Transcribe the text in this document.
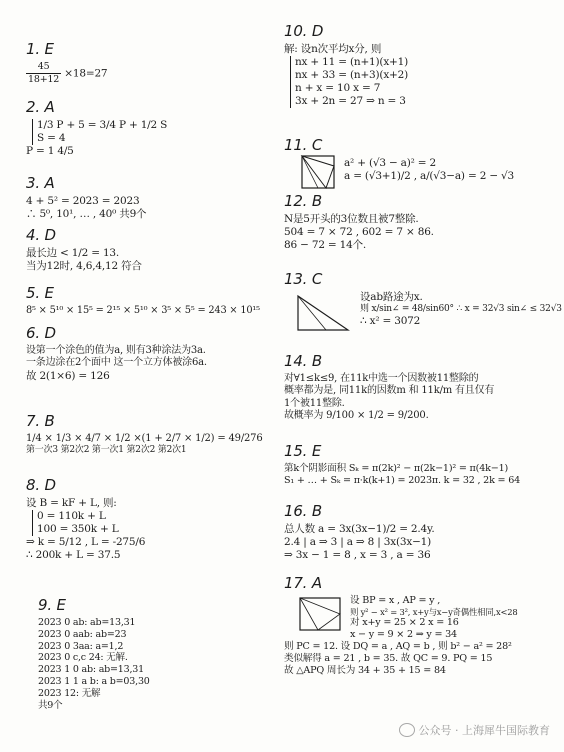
1. E
$\frac{45}{18+12} \times 18=27$
2. A
1/3 P + 5 = 3/4 P + 1/2 S
S = 4
P = 1 4/5
3. A
4 + 5² = 2023 = 2023
∴ 5⁰, 10¹, … , 40⁰ 共9个
4. D
最长边 < 1/2 = 13.
当为12时, 4,6,4,12 符合
5. E
8⁵ × 5¹⁰ × 15⁵ = 2¹⁵ × 5¹⁰ × 3⁵ × 5⁵ = 243 × 10¹⁵
6. D
设第一个涂色的值为a, 则有3种涂法为3a.
一条边涂在2个面中 这一个立方体被涂6a.
故 2(1×6) = 126
7. B
1/4 × 1/3 × 4/7 × 1/2 ×(1 + 2/7 × 1/2) = 49/276
第一次3 第2次2 第一次1 第2次2 第2次1
8. D
设 B = kF + L, 则:
0 = 110k + L
100 = 350k + L
⇒ k = 5/12 , L = -275/6
∴ 200k + L = 37.5
9. E
2023 0 ab: ab=13,31
2023 0 aab: ab=23
2023 0 3aa: a=1,2
2023 0 c,c 24: 无解.
2023 1 0 ab: ab=13,31
2023 1 1 a b: a b=03,30
2023 12: 无解
共9个
10. D
解: 设n次平均x分, 则
nx + 11 = (n+1)(x+1)
nx + 33 = (n+3)(x+2)
n + x = 10 x = 7
3x + 2n = 27 ⇒ n = 3
11. C
a² + (√3 − a)² = 2
a = (√3+1)/2 , a/(√3−a) = 2 − √3
12. B
N是5开头的3位数且被7整除.
504 = 7 × 72 , 602 = 7 × 86.
86 − 72 = 14个.
13. C
设ab路途为x.
则 x/sin∠ = 48/sin60° ∴ x = 32√3 sin∠ ≤ 32√3
∴ x² = 3072
14. B
对∀1≤k≤9, 在11k中选一个因数被11整除的
概率都为是, 同11k的因数m 和 11k/m 有且仅有
1个被11整除.
故概率为 9/100 × 1/2 = 9/200.
15. E
第k个阴影面积 Sₖ = π(2k)² − π(2k−1)² = π(4k−1)
S₁ + … + Sₖ = π·k(k+1) = 2023π. k = 32 , 2k = 64
16. B
总人数 a = 3x(3x−1)/2 = 2.4y.
2.4 | a ⇒ 3 | a ⇒ 8 | 3x(3x−1)
⇒ 3x − 1 = 8 , x = 3 , a = 36
17. A
设 BP = x , AP = y ,
则 y² − x² = 3², x+y与x−y奇偶性相同,x<28
对 x+y = 25 × 2 x = 16
x − y = 9 × 2 ⇒ y = 34
则 PC = 12. 设 DQ = a , AQ = b , 则 b² − a² = 28²
类似解得 a = 21 , b = 35. 故 QC = 9. PQ = 15
故 △APQ 周长为 34 + 35 + 15 = 84
公众号 · 上海犀牛国际教育
